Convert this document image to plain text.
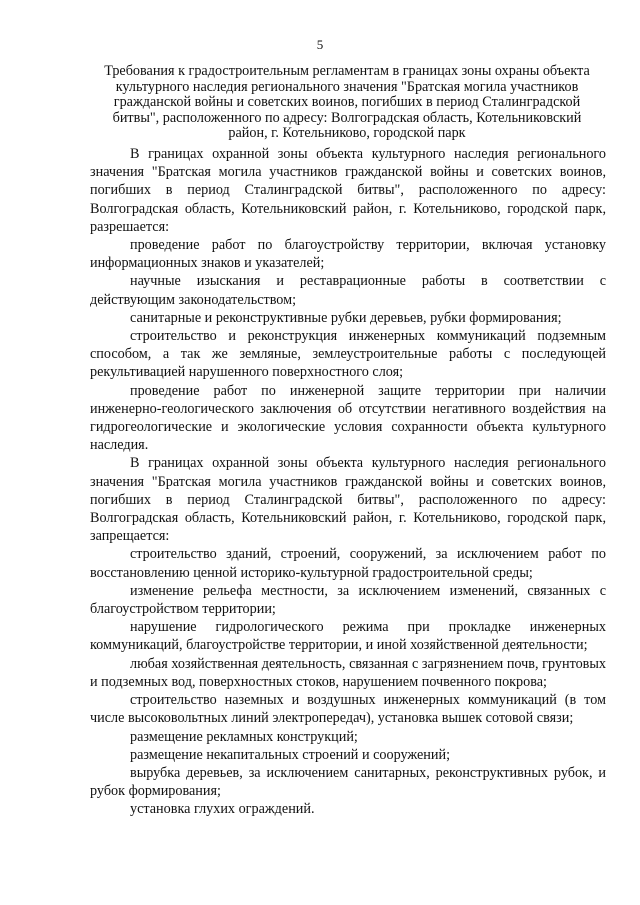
5
Требования к градостроительным регламентам в границах зоны охраны объекта культурного наследия регионального значения "Братская могила участников гражданской войны и советских воинов, погибших в период Сталинградской битвы", расположенного по адресу: Волгоградская область, Котельниковский район, г. Котельниково, городской парк

В границах охранной зоны объекта культурного наследия регионального значения "Братская могила участников гражданской войны и советских воинов, погибших в период Сталинградской битвы", расположенного по адресу: Волгоградская область, Котельниковский район, г. Котельниково, городской парк, разрешается:

проведение работ по благоустройству территории, включая установку информационных знаков и указателей;

научные изыскания и реставрационные работы в соответствии с действующим законодательством;

санитарные и реконструктивные рубки деревьев, рубки формирования;

строительство и реконструкция инженерных коммуникаций подземным способом, а так же земляные, землеустроительные работы с последующей рекультивацией нарушенного поверхностного слоя;

проведение работ по инженерной защите территории при наличии инженерно-геологического заключения об отсутствии негативного воздействия на гидрогеологические и экологические условия сохранности объекта культурного наследия.

В границах охранной зоны объекта культурного наследия регионального значения "Братская могила участников гражданской войны и советских воинов, погибших в период Сталинградской битвы", расположенного по адресу: Волгоградская область, Котельниковский район, г. Котельниково, городской парк, запрещается:

строительство зданий, строений, сооружений, за исключением работ по восстановлению ценной историко-культурной градостроительной среды;

изменение рельефа местности, за исключением изменений, связанных с благоустройством территории;

нарушение гидрологического режима при прокладке инженерных коммуникаций, благоустройстве территории, и иной хозяйственной деятельности;

любая хозяйственная деятельность, связанная с загрязнением почв, грунтовых и подземных вод, поверхностных стоков, нарушением почвенного покрова;

строительство наземных и воздушных инженерных коммуникаций (в том числе высоковольтных линий электропередач), установка вышек сотовой связи;

размещение рекламных конструкций;

размещение некапитальных строений и сооружений;

вырубка деревьев, за исключением санитарных, реконструктивных рубок, и рубок формирования;

установка глухих ограждений.
